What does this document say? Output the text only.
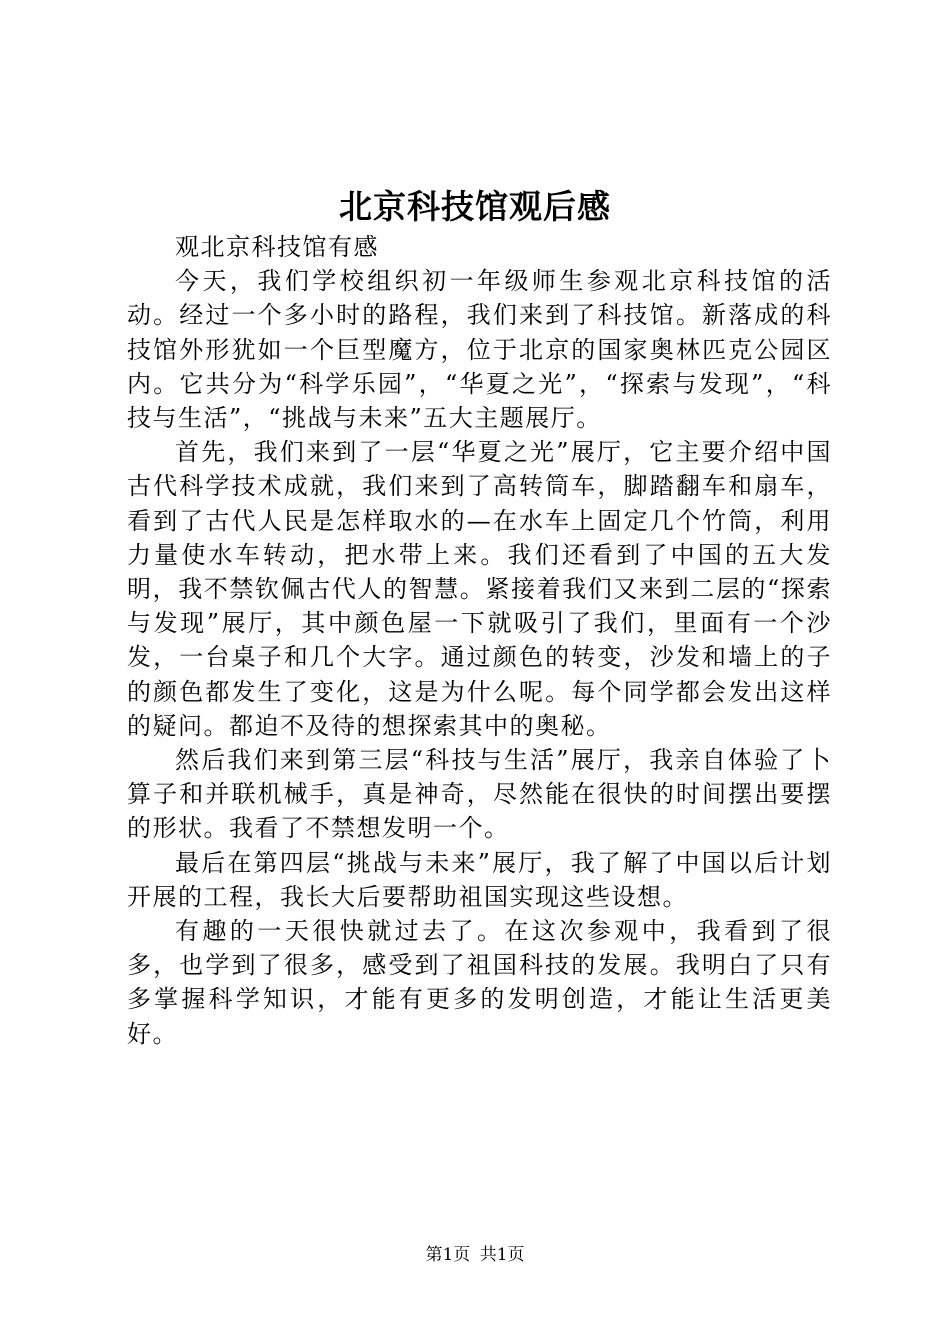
北京科技馆观后感

观北京科技馆有感

今天，我们学校组织初一年级师生参观北京科技馆的活动。经过一个多小时的路程，我们来到了科技馆。新落成的科技馆外形犹如一个巨型魔方，位于北京的国家奥林匹克公园区内。它共分为“科学乐园”，“华夏之光”，“探索与发现”，“科技与生活”，“挑战与未来”五大主题展厅。

首先，我们来到了一层“华夏之光”展厅，它主要介绍中国古代科学技术成就，我们来到了高转筒车，脚踏翻车和扇车，看到了古代人民是怎样取水的—在水车上固定几个竹筒，利用力量使水车转动，把水带上来。我们还看到了中国的五大发明，我不禁钦佩古代人的智慧。紧接着我们又来到二层的“探索与发现”展厅，其中颜色屋一下就吸引了我们，里面有一个沙发，一台桌子和几个大字。通过颜色的转变，沙发和墙上的子的颜色都发生了变化，这是为什么呢。每个同学都会发出这样的疑问。都迫不及待的想探索其中的奥秘。

然后我们来到第三层“科技与生活”展厅，我亲自体验了卜算子和并联机械手，真是神奇，尽然能在很快的时间摆出要摆的形状。我看了不禁想发明一个。

最后在第四层“挑战与未来”展厅，我了解了中国以后计划开展的工程，我长大后要帮助祖国实现这些设想。

有趣的一天很快就过去了。在这次参观中，我看到了很多，也学到了很多，感受到了祖国科技的发展。我明白了只有多掌握科学知识，才能有更多的发明创造，才能让生活更美好。

第1页 共1页
